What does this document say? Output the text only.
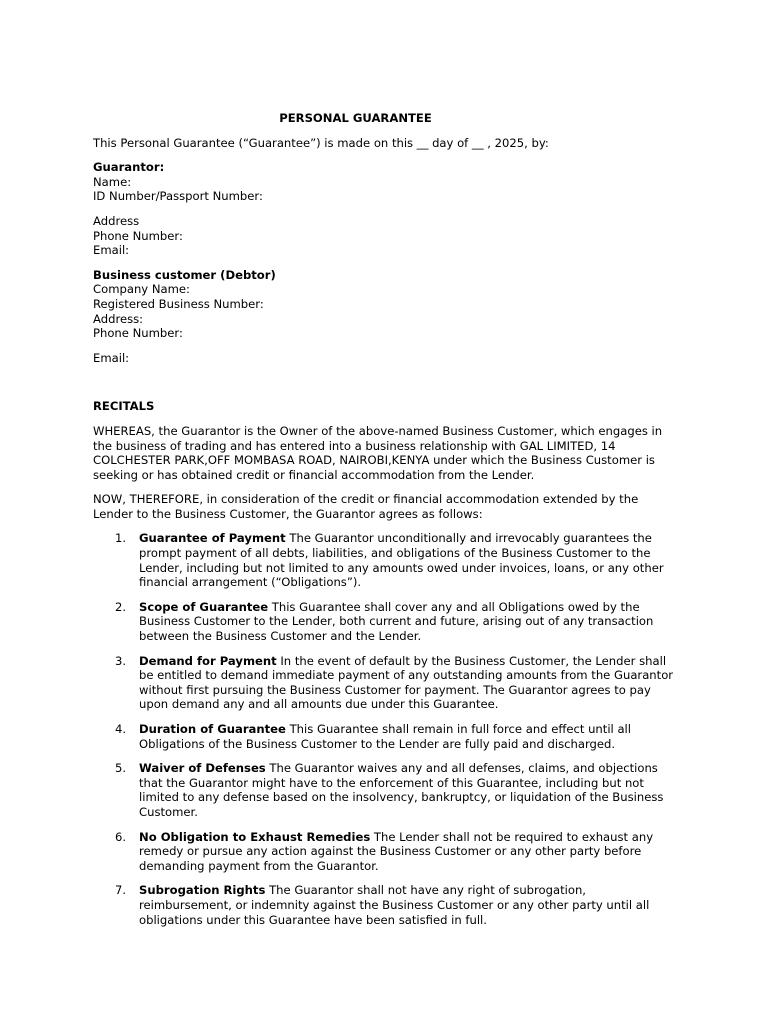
PERSONAL GUARANTEE

This Personal Guarantee (“Guarantee”) is made on this __ day of __ , 2025, by:

Guarantor:
Name:
ID Number/Passport Number:
Address
Phone Number:
Email:
Business customer (Debtor)
Company Name:
Registered Business Number:
Address:
Phone Number:
Email:
RECITALS

WHEREAS, the Guarantor is the Owner of the above-named Business Customer, which engages in
the business of trading and has entered into a business relationship with GAL LIMITED, 14
COLCHESTER PARK,OFF MOMBASA ROAD, NAIROBI,KENYA under which the Business Customer is
seeking or has obtained credit or financial accommodation from the Lender.

NOW, THEREFORE, in consideration of the credit or financial accommodation extended by the
Lender to the Business Customer, the Guarantor agrees as follows:

1. Guarantee of Payment The Guarantor unconditionally and irrevocably guarantees the
prompt payment of all debts, liabilities, and obligations of the Business Customer to the
Lender, including but not limited to any amounts owed under invoices, loans, or any other
financial arrangement (“Obligations”).
2. Scope of Guarantee This Guarantee shall cover any and all Obligations owed by the
Business Customer to the Lender, both current and future, arising out of any transaction
between the Business Customer and the Lender.
3. Demand for Payment In the event of default by the Business Customer, the Lender shall
be entitled to demand immediate payment of any outstanding amounts from the Guarantor
without first pursuing the Business Customer for payment. The Guarantor agrees to pay
upon demand any and all amounts due under this Guarantee.
4. Duration of Guarantee This Guarantee shall remain in full force and effect until all
Obligations of the Business Customer to the Lender are fully paid and discharged.
5. Waiver of Defenses The Guarantor waives any and all defenses, claims, and objections
that the Guarantor might have to the enforcement of this Guarantee, including but not
limited to any defense based on the insolvency, bankruptcy, or liquidation of the Business
Customer.
6. No Obligation to Exhaust Remedies The Lender shall not be required to exhaust any
remedy or pursue any action against the Business Customer or any other party before
demanding payment from the Guarantor.
7. Subrogation Rights The Guarantor shall not have any right of subrogation,
reimbursement, or indemnity against the Business Customer or any other party until all
obligations under this Guarantee have been satisfied in full.
